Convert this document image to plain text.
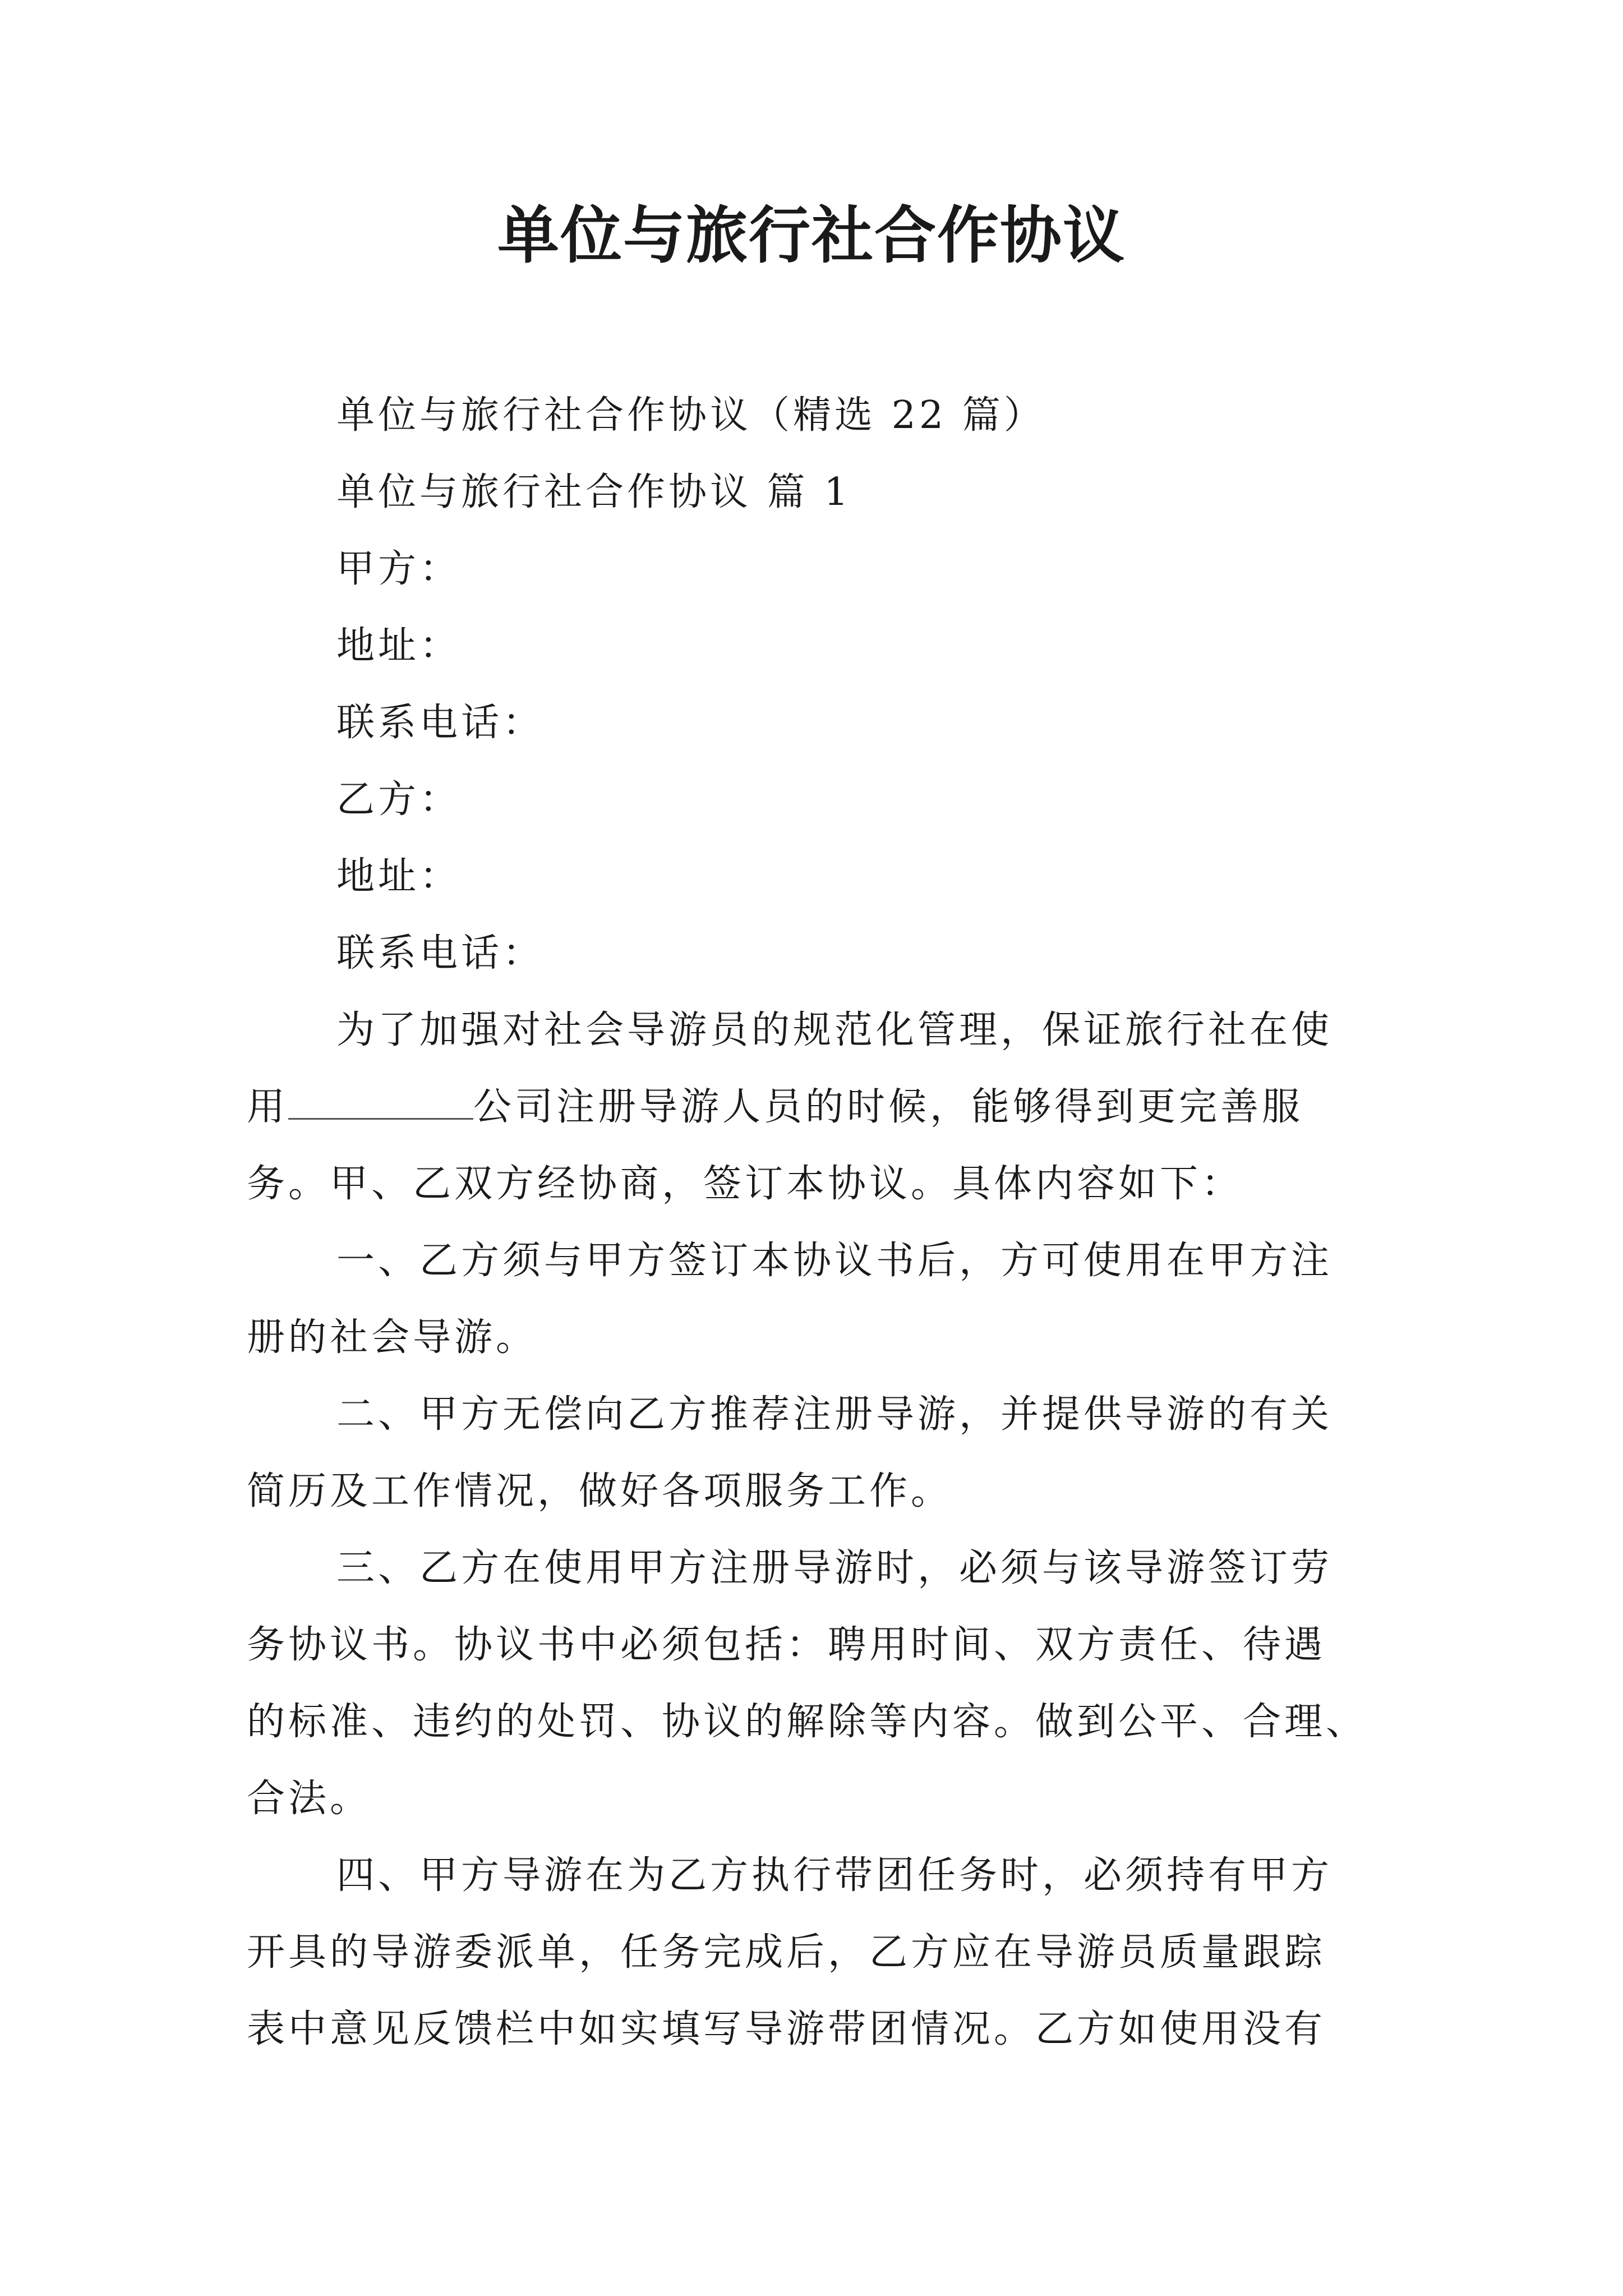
单位与旅行社合作协议
单位与旅行社合作协议（精选 22 篇）
单位与旅行社合作协议 篇 1
甲方：
地址：
联系电话：
乙方：
地址：
联系电话：
为了加强对社会导游员的规范化管理，保证旅行社在使
用	公司注册导游人员的时候，能够得到更完善服
务。甲、乙双方经协商，签订本协议。具体内容如下：
一、乙方须与甲方签订本协议书后，方可使用在甲方注
册的社会导游。
二、甲方无偿向乙方推荐注册导游，并提供导游的有关
简历及工作情况，做好各项服务工作。
三、乙方在使用甲方注册导游时，必须与该导游签订劳
务协议书。协议书中必须包括：聘用时间、双方责任、待遇
的标准、违约的处罚、协议的解除等内容。做到公平、合理、
合法。
四、甲方导游在为乙方执行带团任务时，必须持有甲方
开具的导游委派单，任务完成后，乙方应在导游员质量跟踪
表中意见反馈栏中如实填写导游带团情况。乙方如使用没有
